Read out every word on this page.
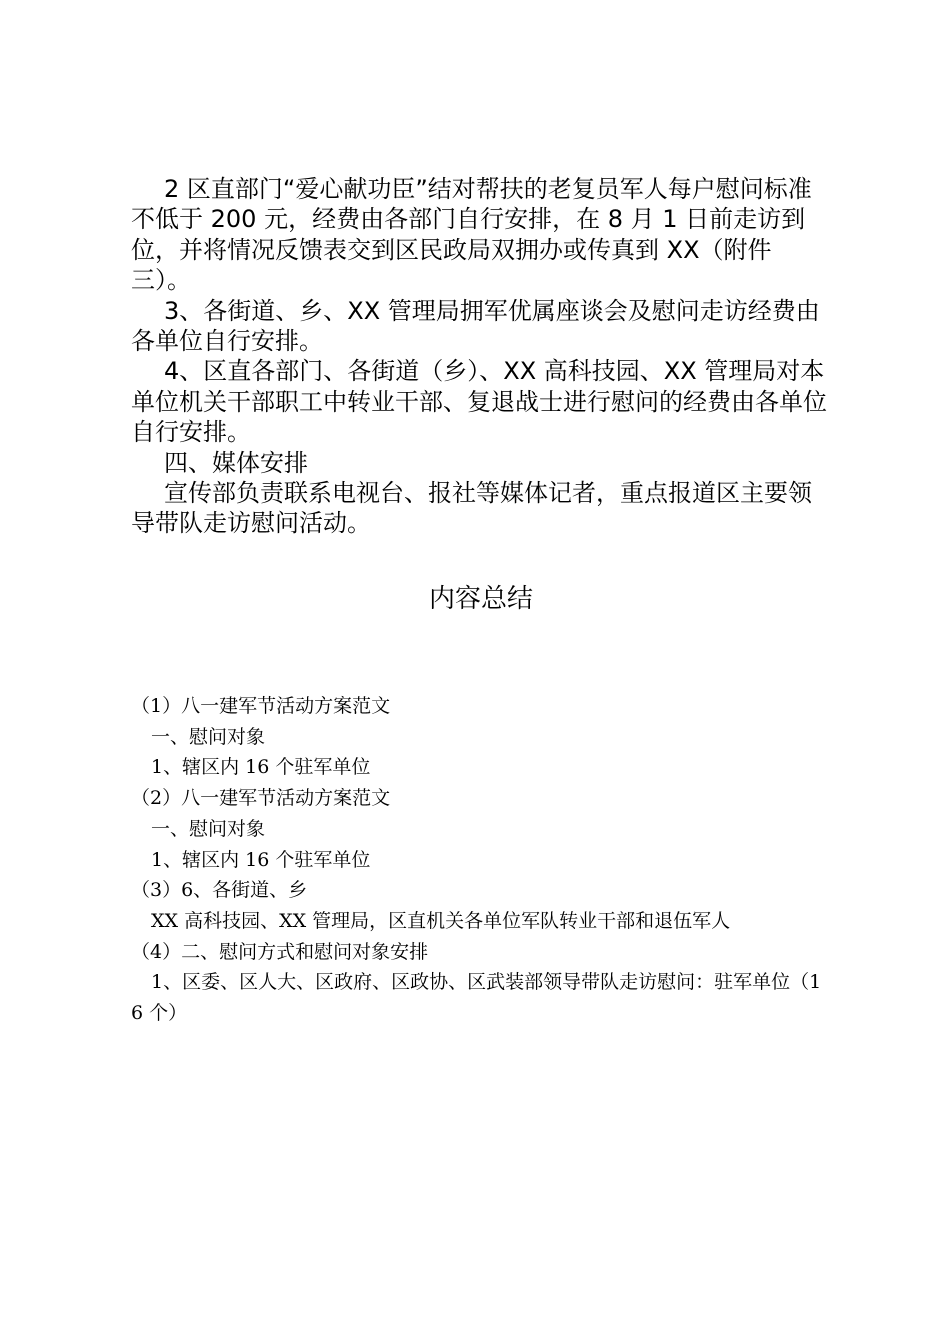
2 区直部门“爱心献功臣”结对帮扶的老复员军人每户慰问标准不低于 200 元，经费由各部门自行安排，在 8 月 1 日前走访到位，并将情况反馈表交到区民政局双拥办或传真到 XX（附件三）。

3、各街道、乡、XX 管理局拥军优属座谈会及慰问走访经费由各单位自行安排。

4、区直各部门、各街道（乡）、XX 高科技园、XX 管理局对本单位机关干部职工中转业干部、复退战士进行慰问的经费由各单位自行安排。

四、媒体安排

宣传部负责联系电视台、报社等媒体记者，重点报道区主要领导带队走访慰问活动。

内容总结

（1）八一建军节活动方案范文

一、慰问对象

1、辖区内 16 个驻军单位

（2）八一建军节活动方案范文

一、慰问对象

1、辖区内 16 个驻军单位

（3）6、各街道、乡

XX 高科技园、XX 管理局，区直机关各单位军队转业干部和退伍军人

（4）二、慰问方式和慰问对象安排

1、区委、区人大、区政府、区政协、区武装部领导带队走访慰问：驻军单位（16 个）
